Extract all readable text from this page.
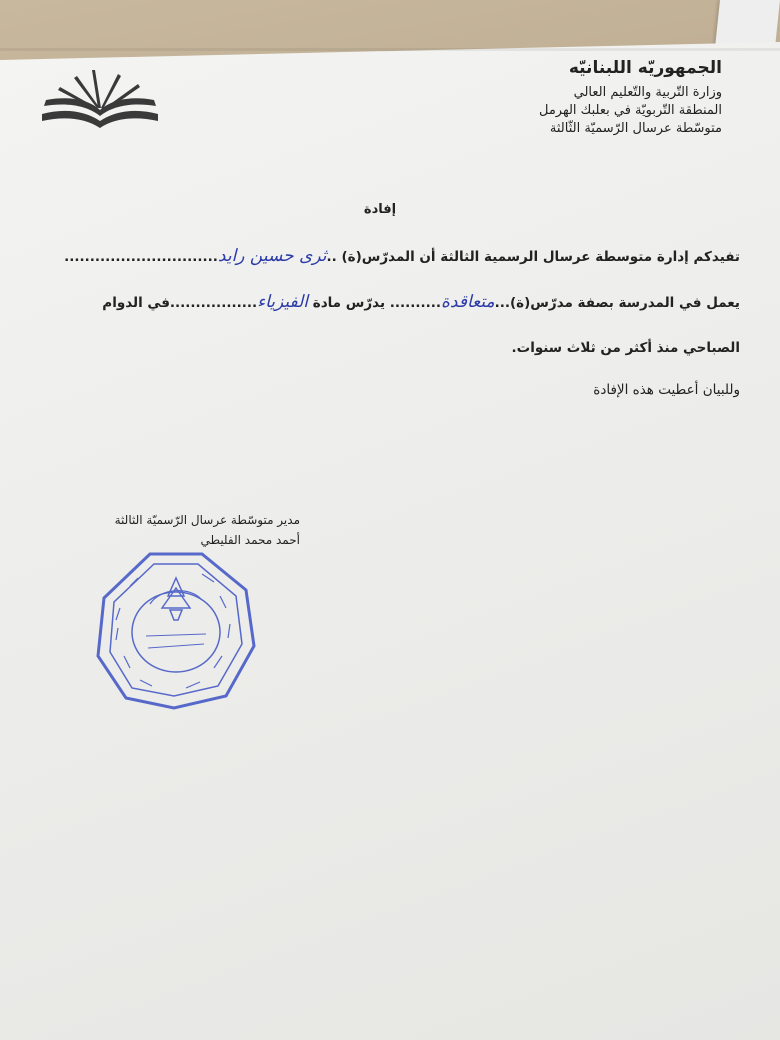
الجمهوريّه اللبنانيّه
وزارة التّربية والتّعليم العالي
المنطقة التّربويّة في بعلبك الهرمل
متوسّطة عرسال الرّسميّة الثّالثة
إفادة
تفيدكم إدارة متوسطة عرسال الرسمية الثالثة أن المدرّس(ة) ..ثرى حسين رايد..............................
يعمل في المدرسة بصفة مدرّس(ة)...متعاقدة.......... يدرّس مادة الفيزياء.................في الدوام
الصباحي منذ أكثر من ثلاث سنوات.
وللبيان أعطيت هذه الإفادة
مدير متوسّطة عرسال الرّسميّة الثالثة
أحمد محمد الفليطي
